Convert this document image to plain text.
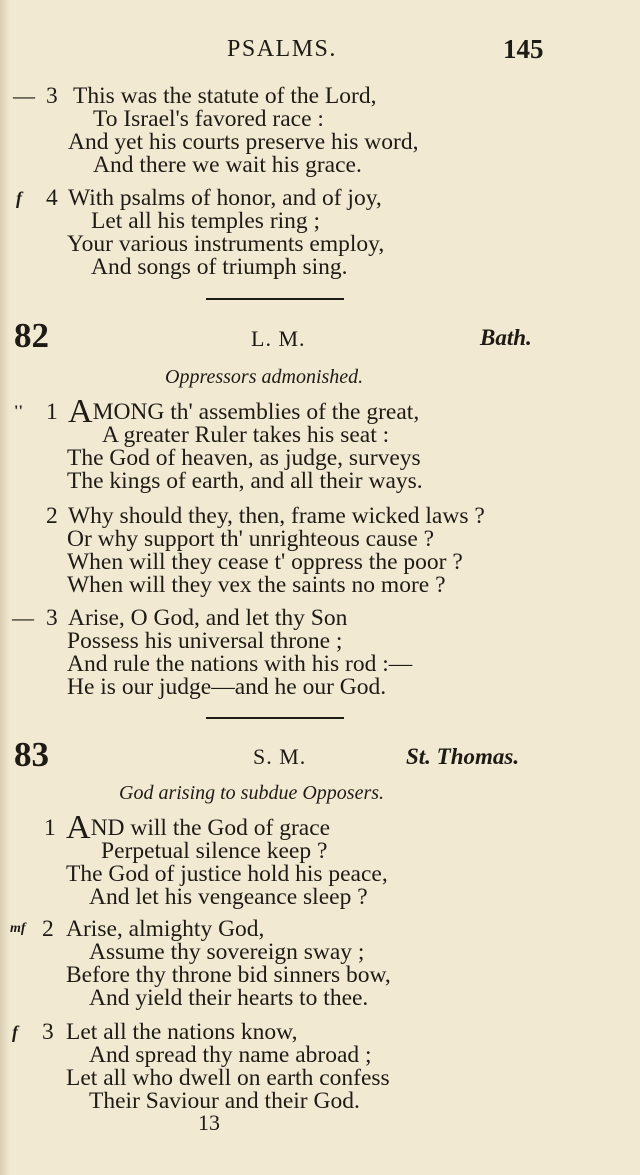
PSALMS.	145
— 3 This was the statute of the Lord,
To Israel's favored race :
And yet his courts preserve his word,
And there we wait his grace.
f 4 With psalms of honor, and of joy,
Let all his temples ring ;
Your various instruments employ,
And songs of triumph sing.
82	L. M.	Bath.
Oppressors admonished.
'' 1 AMONG th' assemblies of the great,
A greater Ruler takes his seat :
The God of heaven, as judge, surveys
The kings of earth, and all their ways.
2 Why should they, then, frame wicked laws ?
Or why support th' unrighteous cause ?
When will they cease t' oppress the poor ?
When will they vex the saints no more ?
— 3 Arise, O God, and let thy Son
Possess his universal throne ;
And rule the nations with his rod :—
He is our judge—and he our God.
83	S. M.	St. Thomas.
God arising to subdue Opposers.
1 AND will the God of grace
Perpetual silence keep ?
The God of justice hold his peace,
And let his vengeance sleep ?
mf 2 Arise, almighty God,
Assume thy sovereign sway ;
Before thy throne bid sinners bow,
And yield their hearts to thee.
f 3 Let all the nations know,
And spread thy name abroad ;
Let all who dwell on earth confess
Their Saviour and their God.
13
